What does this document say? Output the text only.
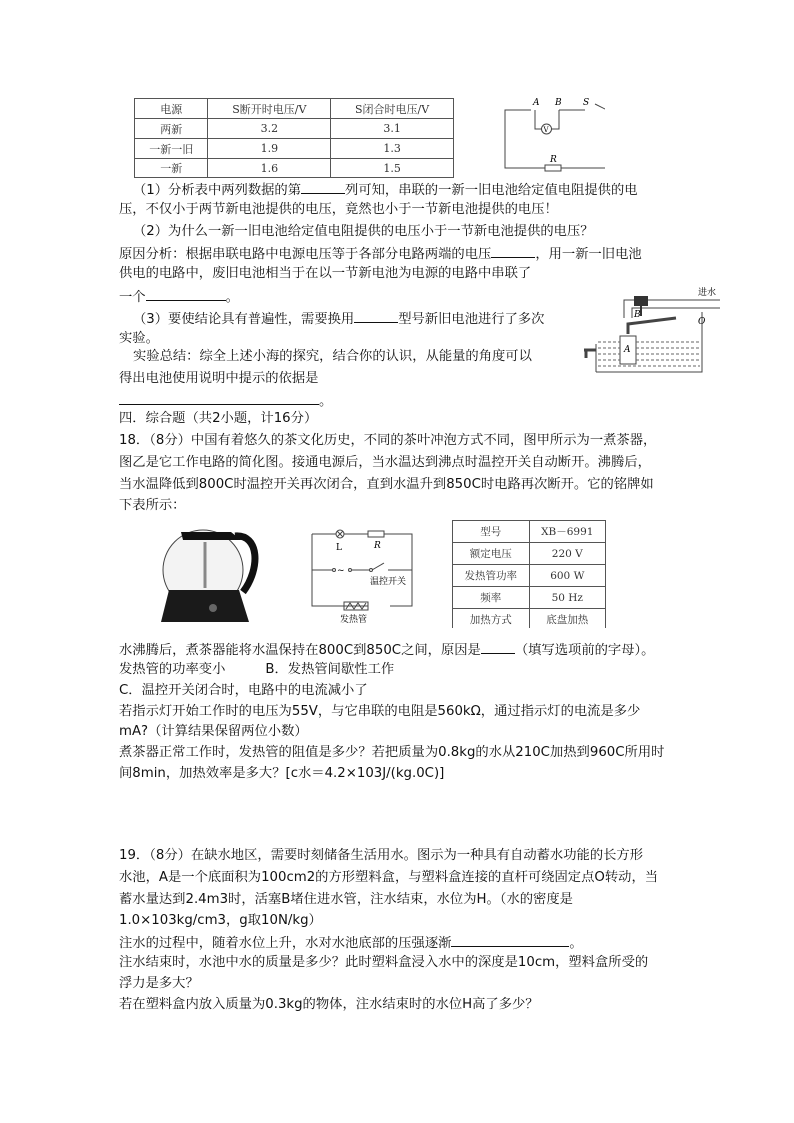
电源	S断开时电压/V	S闭合时电压/V
两新	3.2	3.1
一新一旧	1.9	1.3
一新	1.6	1.5
V
A B S
R
（1）分析表中两列数据的第	列可知，串联的一新一旧电池给定值电阻提供的电
压，不仅小于两节新电池提供的电压，竟然也小于一节新电池提供的电压！
（2）为什么一新一旧电池给定值电阻提供的电压小于一节新电池提供的电压？
原因分析：根据串联电路中电源电压等于各部分电路两端的电压	，用一新一旧电池
供电的电路中，废旧电池相当于在以一节新电池为电源的电路中串联了
一个	。
（3）要使结论具有普遍性，需要换用	型号新旧电池进行了多次
实验。
实验总结：综全上述小海的探究，结合你的认识，从能量的角度可以
得出电池使用说明中提示的依据是
。
进水
B
O
A
四．综合题（共2小题，计16分）
18．（8分）中国有着悠久的茶文化历史，不同的茶叶冲泡方式不同，图甲所示为一煮茶器，
图乙是它工作电路的简化图。接通电源后，当水温达到沸点时温控开关自动断开。沸腾后，
当水温降低到800C时温控开关再次闭合，直到水温升到850C时电路再次断开。它的铭牌如
下表所示：
~
L	R
温控开关
发热管
型号	XB－6991
额定电压	220 V
发热管功率	600 W
频率	50 Hz
加热方式	底盘加热
水沸腾后，煮茶器能将水温保持在800C到850C之间，原因是	（填写选项前的字母）。
发热管的功率变小	B．发热管间歇性工作
C．温控开关闭合时，电路中的电流减小了
若指示灯开始工作时的电压为55V，与它串联的电阻是560kΩ，通过指示灯的电流是多少
mA?（计算结果保留两位小数）
煮茶器正常工作时，发热管的阻值是多少？若把质量为0.8kg的水从210C加热到960C所用时
间8min，加热效率是多大？[c水＝4.2×103J/(kg.0C)]
19．（8分）在缺水地区，需要时刻储备生活用水。图示为一种具有自动蓄水功能的长方形
水池，A是一个底面积为100cm2的方形塑料盒，与塑料盒连接的直杆可绕固定点O转动，当
蓄水量达到2.4m3时，活塞B堵住进水管，注水结束，水位为H。（水的密度是
1.0×103kg/cm3，g取10N/kg）
注水的过程中，随着水位上升，水对水池底部的压强逐渐	。
注水结束时，水池中水的质量是多少？此时塑料盒浸入水中的深度是10cm，塑料盒所受的
浮力是多大？
若在塑料盒内放入质量为0.3kg的物体，注水结束时的水位H高了多少？
